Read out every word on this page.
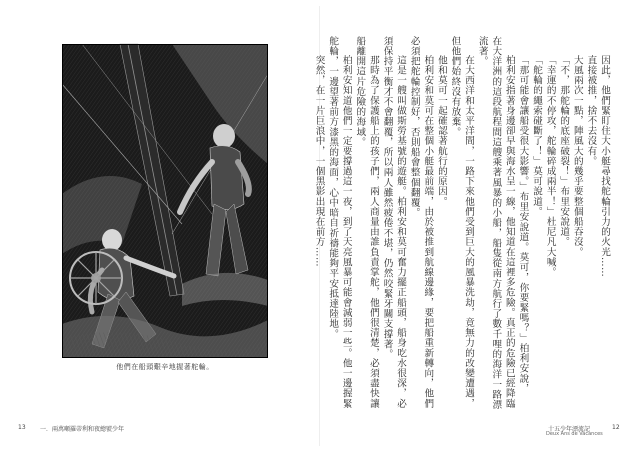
他們在船頭艱辛地握著舵輪。
13 一．兩萬噸羅蒂利和夜總號少年

因此，他們緊盯住大小艇尋找舵輪引力的火光……

直接被推，捨不去沒有。

大風兩次一點，陣風大的幾乎要整個船吞沒。

「不，那舵輪的底座破裂！」布里安說道。

「幸運的不停攻，舵輪碎成兩半！」杜尼凡大喊。

「舵輪的繩索碰斷了！」莫可說道。

「那可能會讓船受很大影響。」布里安說道。莫可，你要緊嗎？」柏利安說，

柏利安指著身邊卻早與海水呈一線，他知道在這裡多危險。真正的危險已經降臨在大洋洲的這段航程間這艘乘著風暴的小船，船隻從南方航行了數千哩的海洋一路漂流著。

在大西洋和太平洋間，一路下來他們受到巨大的風暴洗劫，竟無力的改變遭遇，但他們始終沒有放棄。

他和莫可一起確認著航行的原因。

柏利安和莫可在整個小艇最前端，由於被推到航線邊緣，要把船重新轉向，他們必須把舵輪控制好，否則船會整個翻覆。

這是一艘叫做斯勞基號的遊艇。柏利安和莫可奮力擺正船頭，船身吃水很深，必須保持平衡才不會翻覆，所以兩人雖然疲倦不堪，仍然咬緊牙關支撐著。

那時為了保護船上的孩子們，兩人商量由誰負責掌舵，他們很清楚，必須盡快讓船離開這片危險的海域。

柏利安知道他們一定要撐過這一夜，到了天亮風暴可能會減弱一些。他一邊握緊舵輪，一邊望著前方漆黑的海面，心中暗自祈禱能夠平安抵達陸地。

突然，在一片巨浪中，一個黑影出現在前方……

十五少年漂流記
Deux Ans de Vacances
12
